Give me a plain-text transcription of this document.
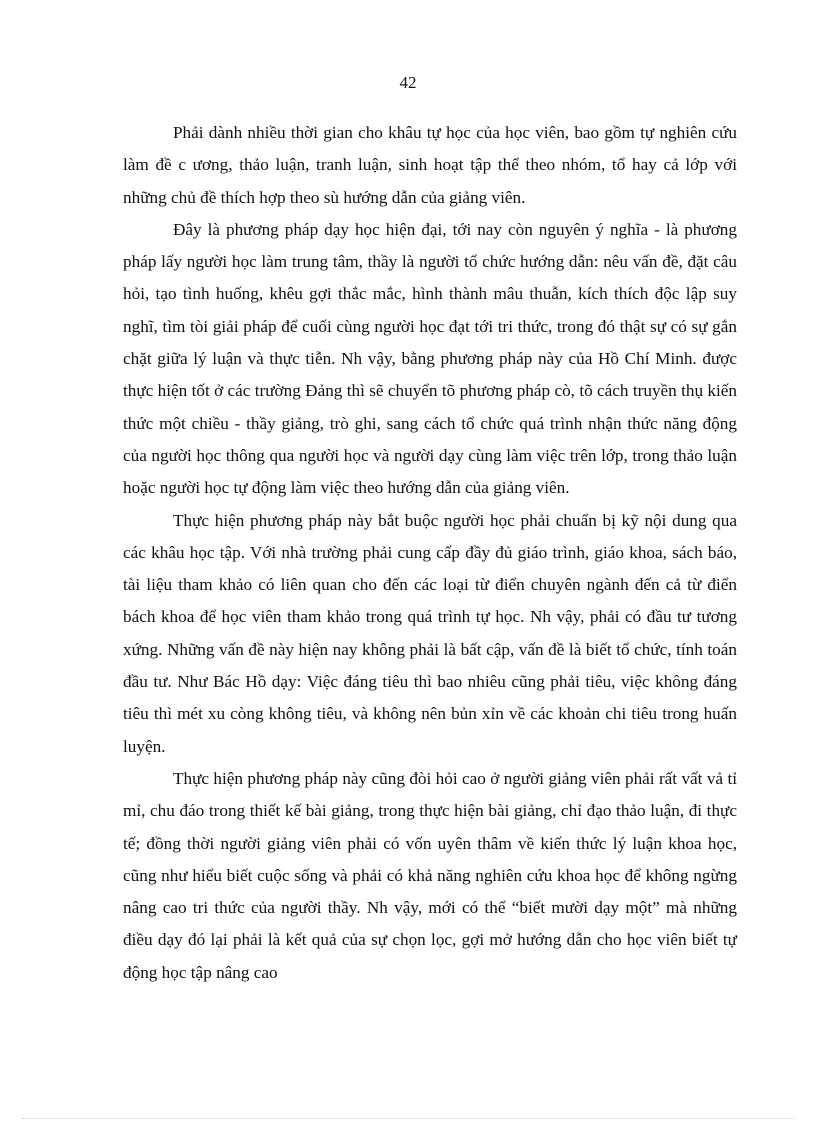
42

Phải dành nhiều thời gian cho khâu tự học của học viên, bao gồm tự nghiên cứu làm đề c ương, thảo luận, tranh luận, sinh hoạt tập thể theo nhóm, tổ hay cả lớp với những chủ đề thích hợp theo sù hướng dẫn của giảng viên.

Đây là phương pháp dạy học hiện đại, tới nay còn nguyên ý nghĩa - là phương pháp lấy người học làm trung tâm, thầy là người tổ chức hướng dẫn: nêu vấn đề, đặt câu hỏi, tạo tình huống, khêu gợi thắc mắc, hình thành mâu thuẫn, kích thích độc lập suy nghĩ, tìm tòi giải pháp để cuối cùng người học đạt tới tri thức, trong đó thật sự có sự gắn chặt giữa lý luận và thực tiễn. Nh vậy, bằng phương pháp này của Hồ Chí Minh. được thực hiện tốt ở các trường Đảng thì sẽ chuyển tõ phương pháp cò, tõ cách truyền thụ kiến thức một chiều - thầy giảng, trò ghi, sang cách tổ chức quá trình nhận thức năng động của người học thông qua người học và người dạy cùng làm việc trên lớp, trong thảo luận hoặc người học tự động làm việc theo hướng dẫn của giảng viên.

Thực hiện phương pháp này bắt buộc người học phải chuẩn bị kỹ nội dung qua các khâu học tập. Với nhà trường phải cung cấp đầy đủ giáo trình, giáo khoa, sách báo, tài liệu tham khảo có liên quan cho đến các loại từ điển chuyên ngành đến cả từ điển bách khoa để học viên tham khảo trong quá trình tự học. Nh vậy, phải có đầu tư tương xứng. Những vấn đề này hiện nay không phải là bất cập, vấn đề là biết tổ chức, tính toán đầu tư. Như Bác Hồ dạy: Việc đáng tiêu thì bao nhiêu cũng phải tiêu, việc không đáng tiêu thì mét xu còng không tiêu, và không nên bủn xỉn về các khoản chi tiêu trong huấn luyện.

Thực hiện phương pháp này cũng đòi hỏi cao ở người giảng viên phải rất vất vả tỉ mỉ, chu đáo trong thiết kế bài giảng, trong thực hiện bài giảng, chỉ đạo thảo luận, đi thực tế; đồng thời người giảng viên phải có vốn uyên thâm về kiến thức lý luận khoa học, cũng như hiểu biết cuộc sống và phải có khả năng nghiên cứu khoa học để không ngừng nâng cao tri thức của người thầy. Nh vậy, mới có thể “biết mười dạy một” mà những điều dạy đó lại phải là kết quả của sự chọn lọc, gợi mở hướng dẫn cho học viên biết tự động học tập nâng cao
